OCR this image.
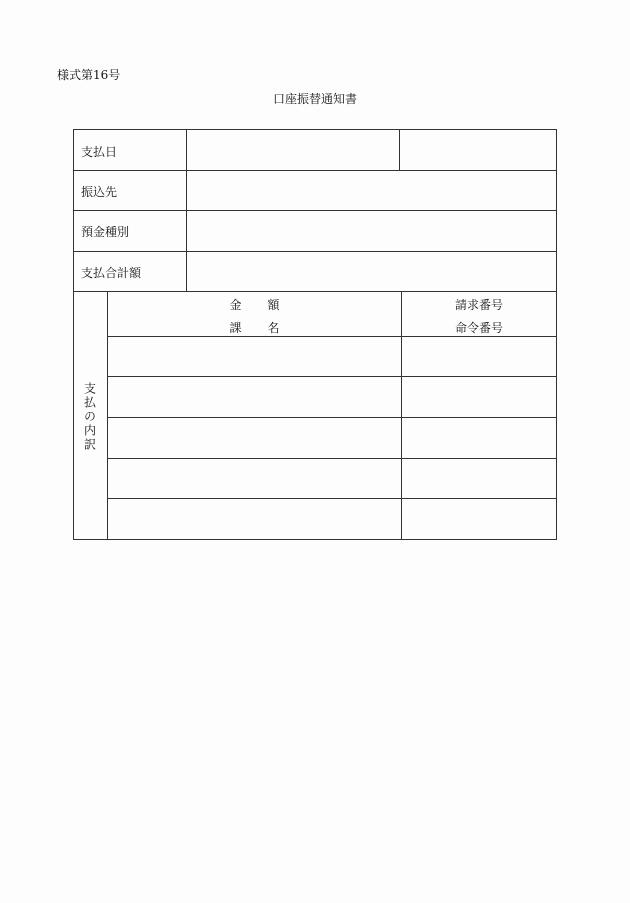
様式第16号
口座振替通知書
支払日
振込先
預金種別
支払合計額
支払の内訳
金 額
課 名
請求番号
命令番号
